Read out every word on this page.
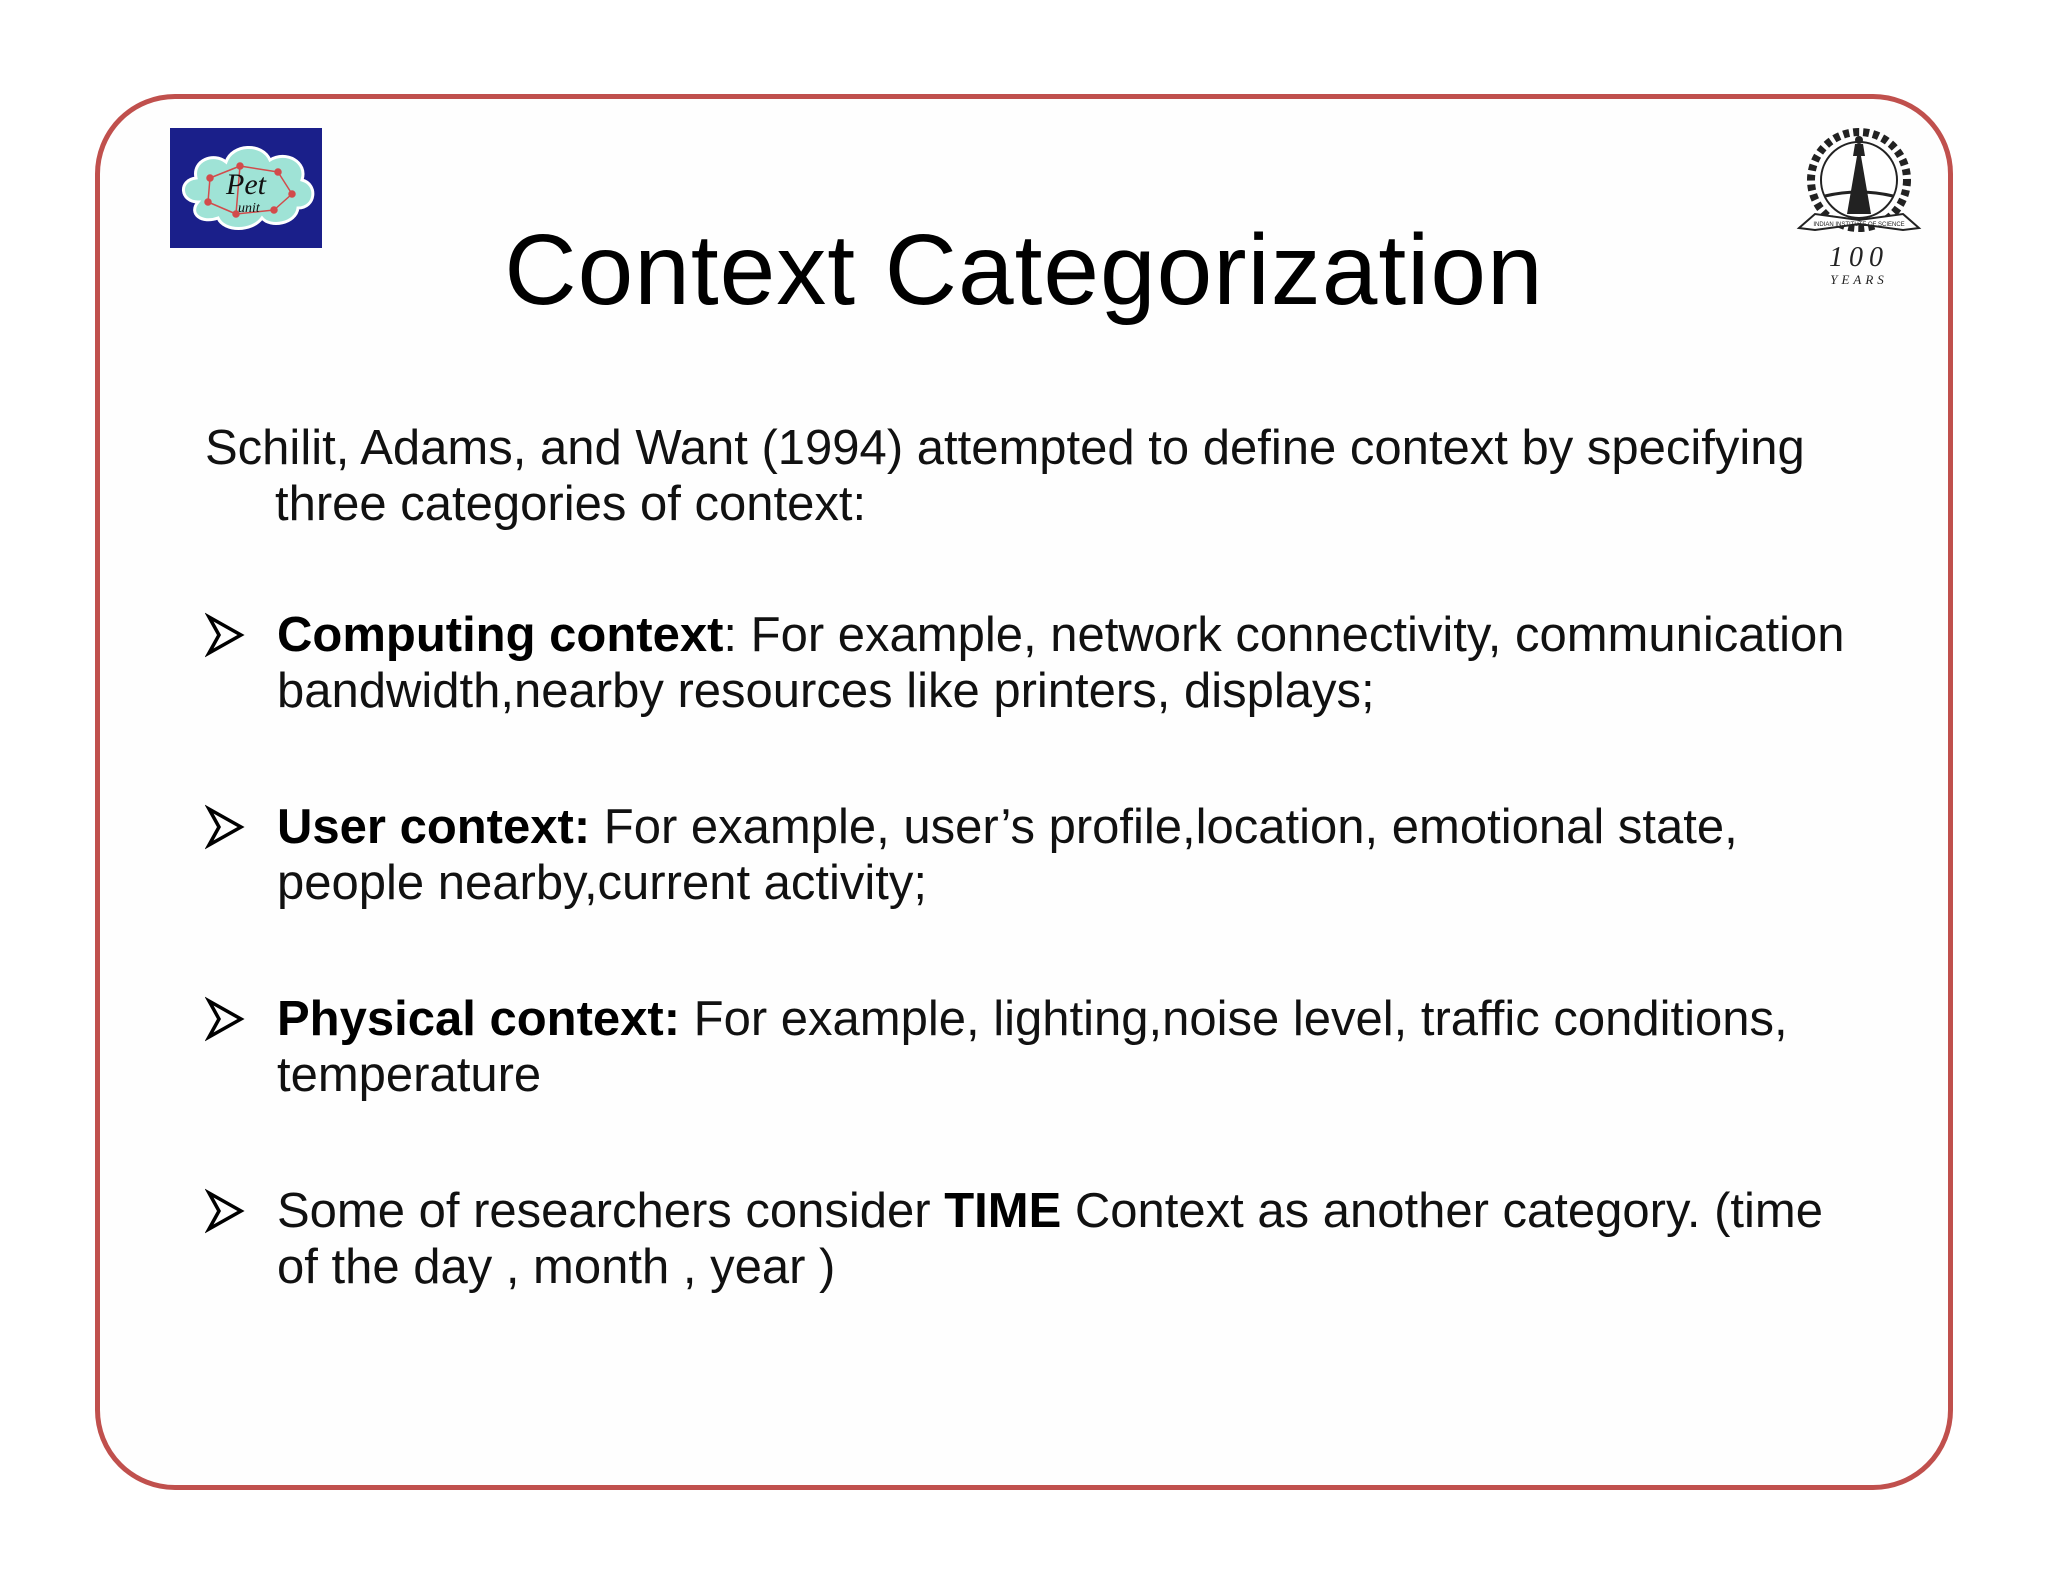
Pet
unit
INDIAN INSTITUTE OF SCIENCE
100
YEARS
Context Categorization

Schilit, Adams, and Want (1994) attempted to define context by specifying three categories of context:

Computing context: For example, network connectivity, communication bandwidth,nearby resources like printers, displays;

User context: For example, user’s profile,location, emotional state, people nearby,current activity;

Physical context: For example, lighting,noise level, traffic conditions, temperature

Some of researchers consider TIME Context as another category. (time of the day , month , year )
